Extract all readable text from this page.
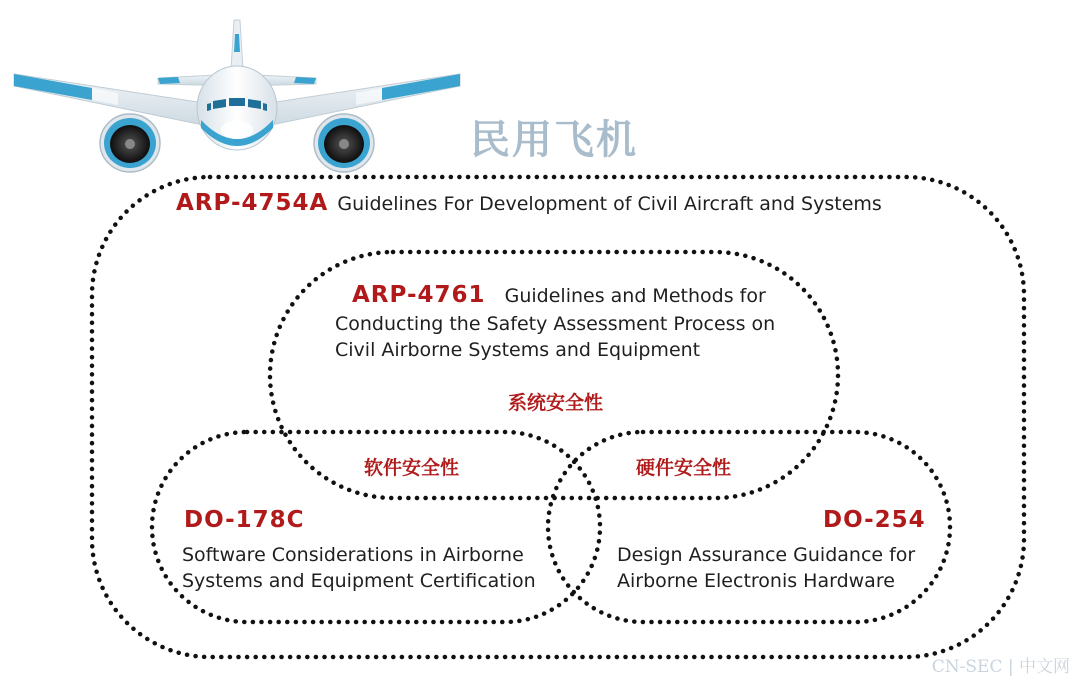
民用飞机
ARP-4754A Guidelines For Development of Civil Aircraft and Systems
ARP-4761 Guidelines and Methods for
Conducting the Safety Assessment Process on
Civil Airborne Systems and Equipment
系统安全性
软件安全性	硬件安全性
DO-178C
Software Considerations in Airborne
Systems and Equipment Certification
DO-254
Design Assurance Guidance for
Airborne Electronis Hardware
CN-SEC | 中文网
